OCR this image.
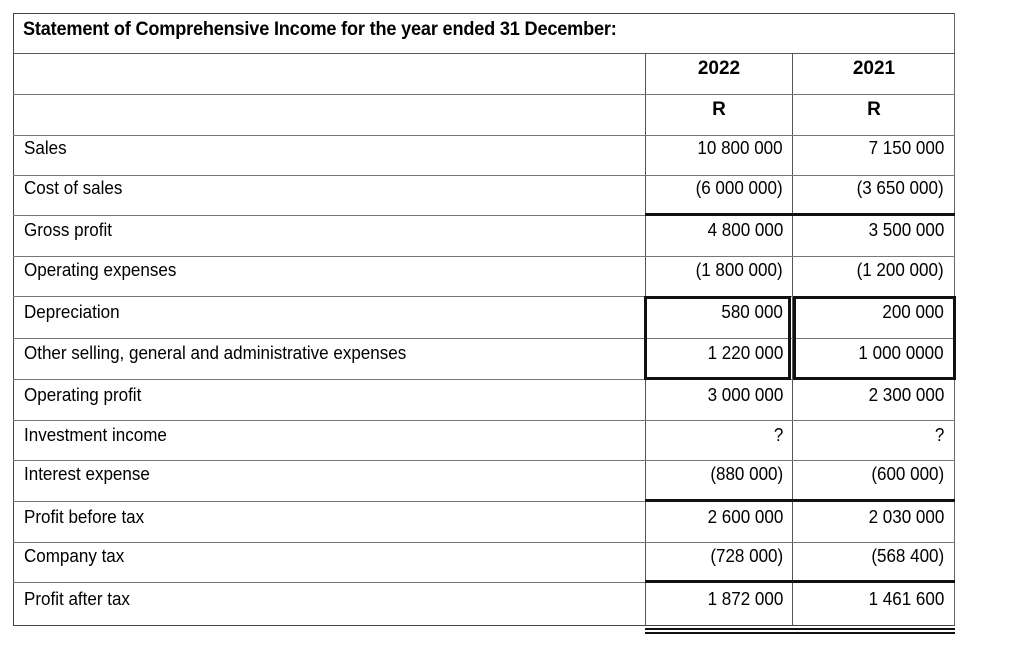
Statement of Comprehensive Income for the year ended 31 December:
2022	2021
R	R
Sales	10 800 000	7 150 000
Cost of sales	(6 000 000)	(3 650 000)
Gross profit	4 800 000	3 500 000
Operating expenses	(1 800 000)	(1 200 000)
Depreciation	580 000	200 000
Other selling, general and administrative expenses	1 220 000	1 000 0000
Operating profit	3 000 000	2 300 000
Investment income	?	?
Interest expense	(880 000)	(600 000)
Profit before tax	2 600 000	2 030 000
Company tax	(728 000)	(568 400)
Profit after tax	1 872 000	1 461 600
